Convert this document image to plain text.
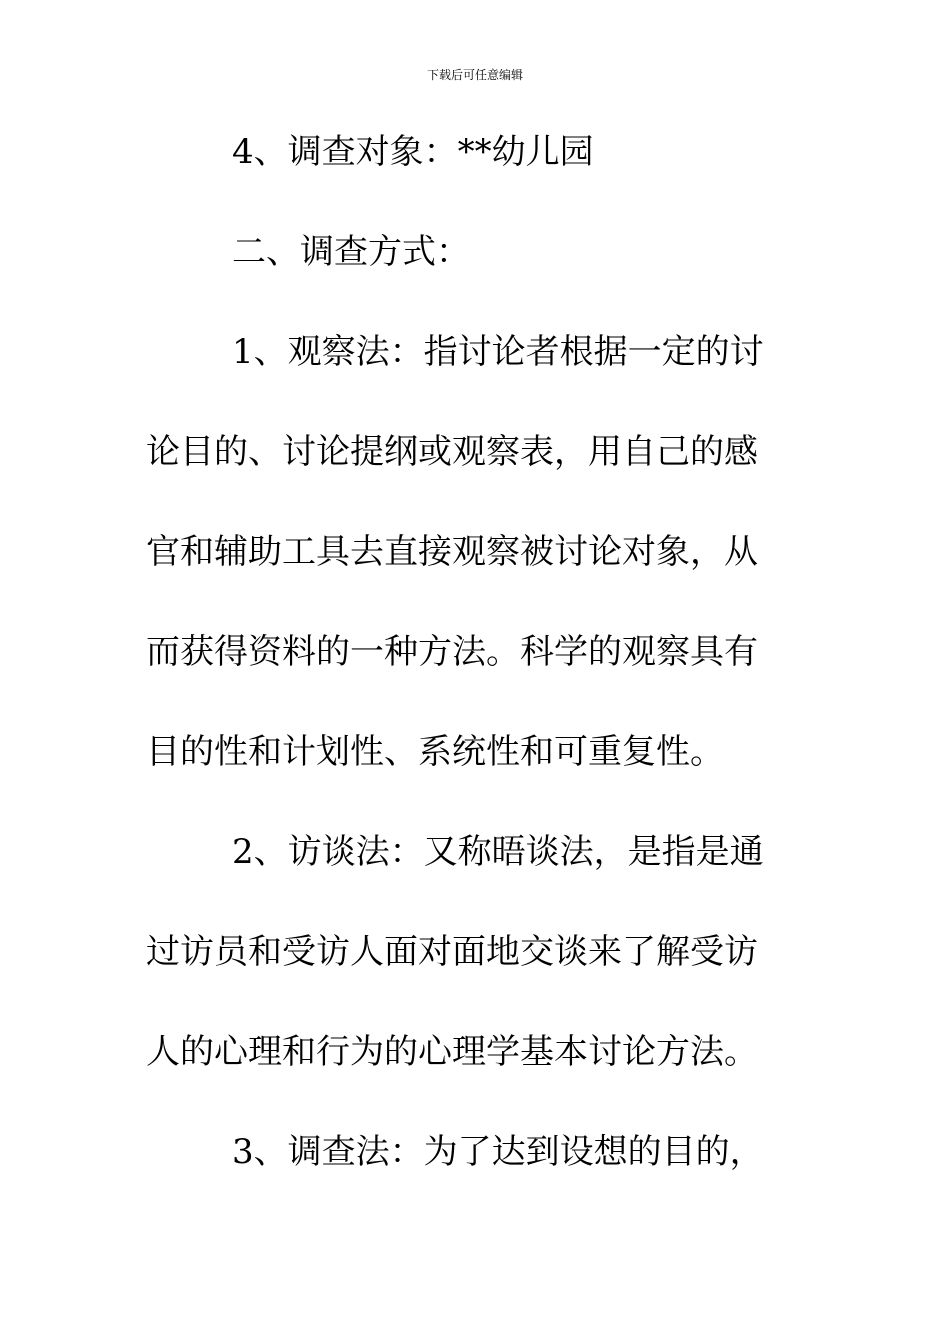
下载后可任意编辑
4、调查对象：**幼儿园
二、调查方式：
1、观察法：指讨论者根据一定的讨
论目的、讨论提纲或观察表，用自己的感
官和辅助工具去直接观察被讨论对象，从
而获得资料的一种方法。科学的观察具有
目的性和计划性、系统性和可重复性。
2、访谈法：又称晤谈法，是指是通
过访员和受访人面对面地交谈来了解受访
人的心理和行为的心理学基本讨论方法。
3、调查法：为了达到设想的目的，
